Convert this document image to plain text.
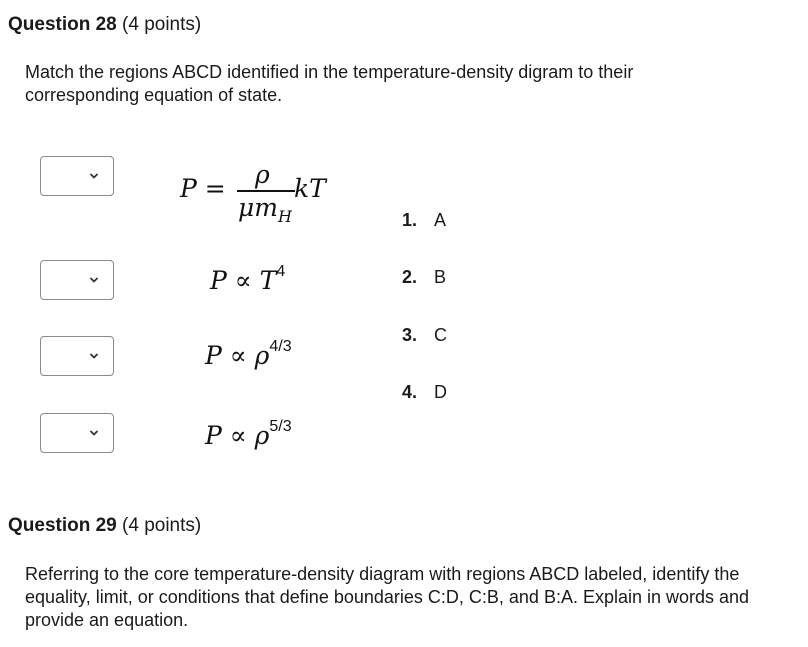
Question 28 (4 points)
Match the regions ABCD identified in the temperature-density digram to their corresponding equation of state.
P = ρ
$\mu m_H$
kT
$P \propto T^4$
$P \propto \rho^{4/3}$
$P \propto \rho^{5/3}$
1. A
2. B
3. C
4. D
Question 29 (4 points)
Referring to the core temperature-density diagram with regions ABCD labeled, identify the equality, limit, or conditions that define boundaries C:D, C:B, and B:A. Explain in words and provide an equation.
